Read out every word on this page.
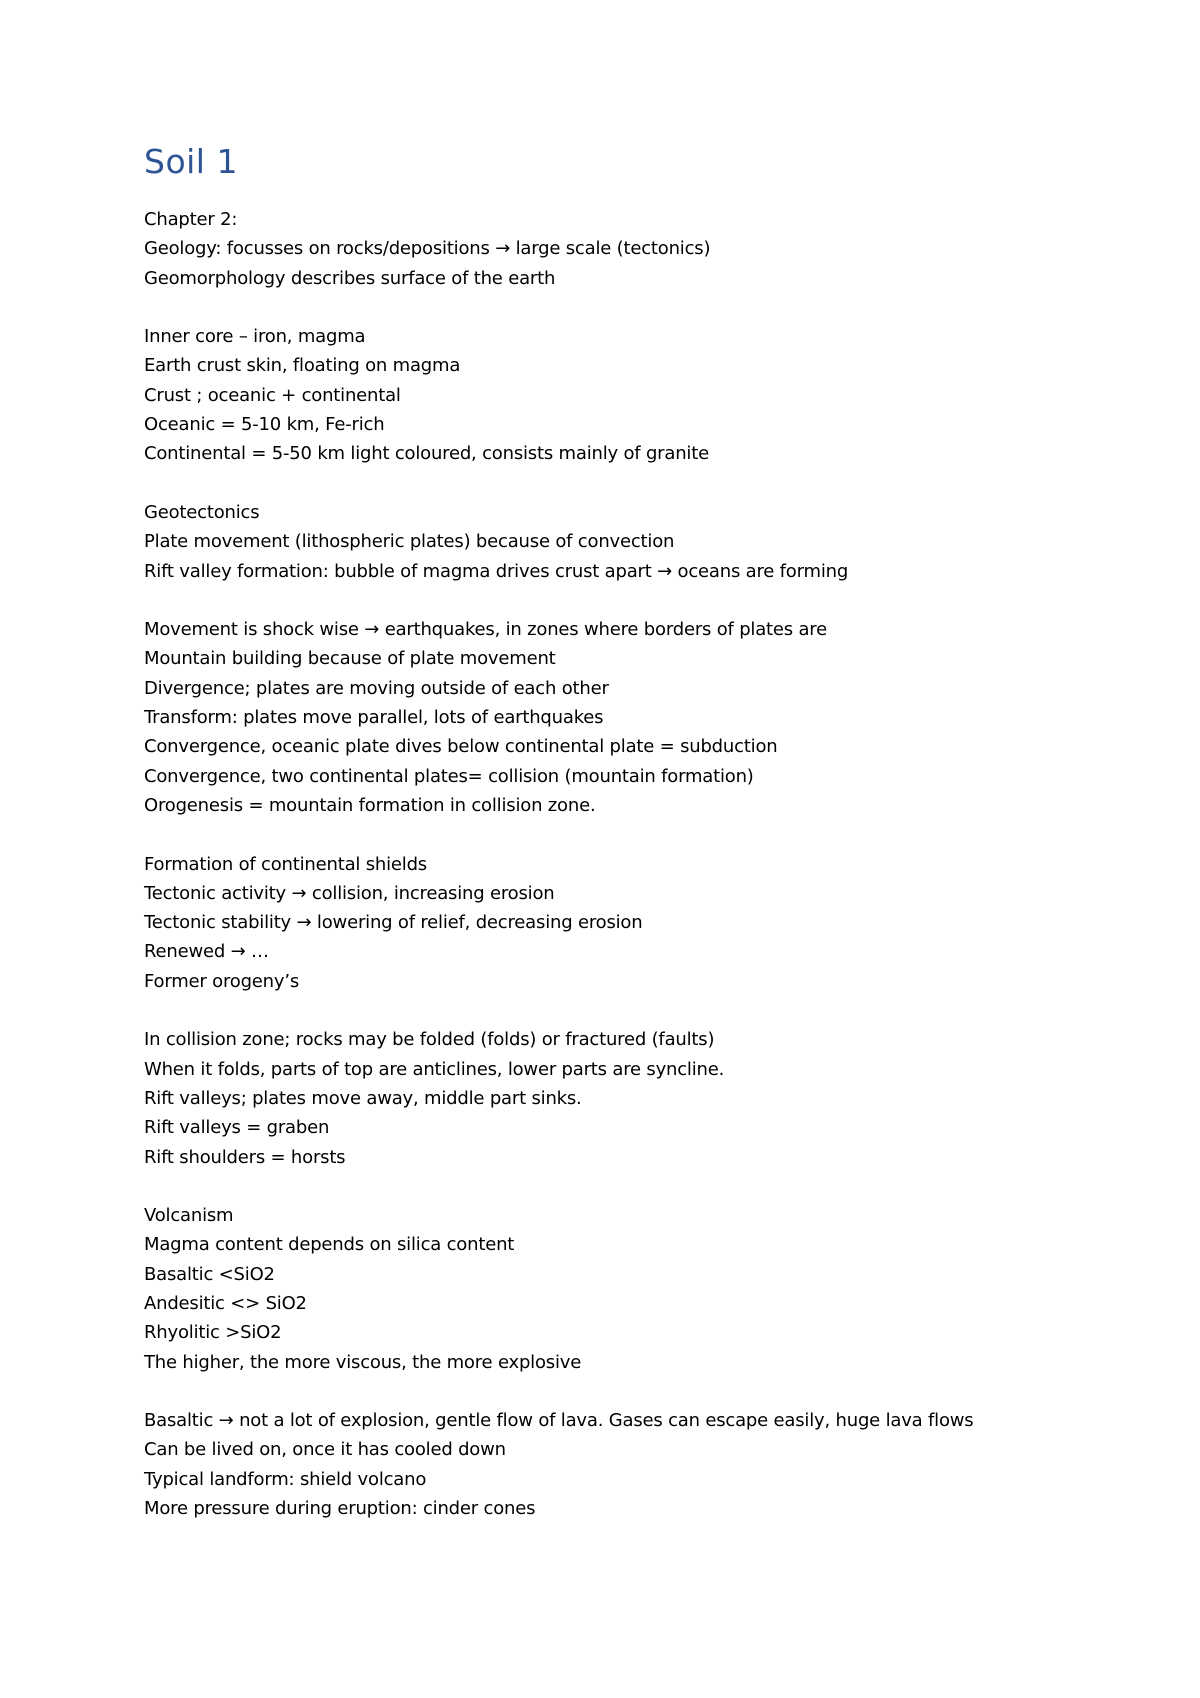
Soil 1
Chapter 2:
Geology: focusses on rocks/depositions → large scale (tectonics)
Geomorphology describes surface of the earth
Inner core – iron, magma
Earth crust skin, floating on magma
Crust ; oceanic + continental
Oceanic = 5-10 km, Fe-rich
Continental = 5-50 km light coloured, consists mainly of granite
Geotectonics
Plate movement (lithospheric plates) because of convection
Rift valley formation: bubble of magma drives crust apart → oceans are forming
Movement is shock wise → earthquakes, in zones where borders of plates are
Mountain building because of plate movement
Divergence; plates are moving outside of each other
Transform: plates move parallel, lots of earthquakes
Convergence, oceanic plate dives below continental plate = subduction
Convergence, two continental plates= collision (mountain formation)
Orogenesis = mountain formation in collision zone.
Formation of continental shields
Tectonic activity → collision, increasing erosion
Tectonic stability → lowering of relief, decreasing erosion
Renewed → …
Former orogeny’s
In collision zone; rocks may be folded (folds) or fractured (faults)
When it folds, parts of top are anticlines, lower parts are syncline.
Rift valleys; plates move away, middle part sinks.
Rift valleys = graben
Rift shoulders = horsts
Volcanism
Magma content depends on silica content
Basaltic <SiO2
Andesitic <> SiO2
Rhyolitic >SiO2
The higher, the more viscous, the more explosive
Basaltic → not a lot of explosion, gentle flow of lava. Gases can escape easily, huge lava flows
Can be lived on, once it has cooled down
Typical landform: shield volcano
More pressure during eruption: cinder cones
